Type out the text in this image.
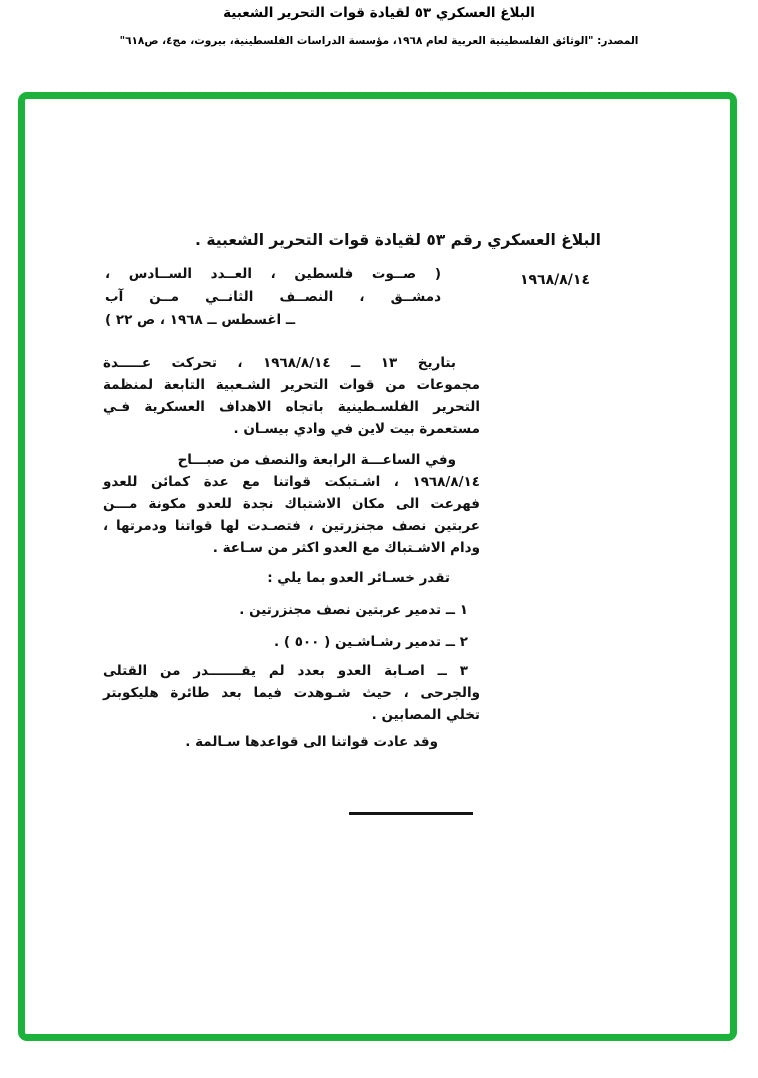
البلاغ العسكري ٥٣ لقيادة قوات التحرير الشعبية
المصدر: "الوثائق الفلسطينية العربية لعام ١٩٦٨، مؤسسة الدراسات الفلسطينية، بيروت، مج٤، ص٦١٨"
البلاغ العسكري رقم ٥٣ لقيادة قوات التحرير الشعبية .
١٩٦٨/٨/١٤
( صــوت فلسطين ، العــدد الســادس ،
دمشــق ، النصــف الثانــي مــن آب
ــ اغسطس ــ ١٩٦٨ ، ص ٢٢ )
بتاريخ ١٣ ــ ١٩٦٨/٨/١٤ ، تحركت عـــــدة
مجموعات من قوات التحرير الشـعبية التابعة لمنظمة
التحرير الفلسـطينية باتجاه الاهداف العسكرية فـي
مستعمرة بيت لاين في وادي بيسـان .
وفي الساعـــة الرابعة والنصف من صبـــاح
١٩٦٨/٨/١٤ ، اشـتبكت قواتنا مع عدة كمائن للعدو
فهرعت الى مكان الاشتباك نجدة للعدو مكونة مـــن
عربتين نصف مجنزرتين ، فتصـدت لها قواتنا ودمرتها ،
ودام الاشـتباك مع العدو اكثر من سـاعة .
تقدر خسـائر العدو بما يلي :
١ ــ تدمير عربتين نصف مجنزرتين .
٢ ــ تدمير رشـاشـين ( ٥٠٠ ) .
٣ ــ اصـابة العدو بعدد لم يقـــــــدر من القتلى
والجرحى ، حيث شـوهدت فيما بعد طائرة هليكوبتر
تخلي المصابين .
وقد عادت قواتنا الى قواعدها سـالمة .
